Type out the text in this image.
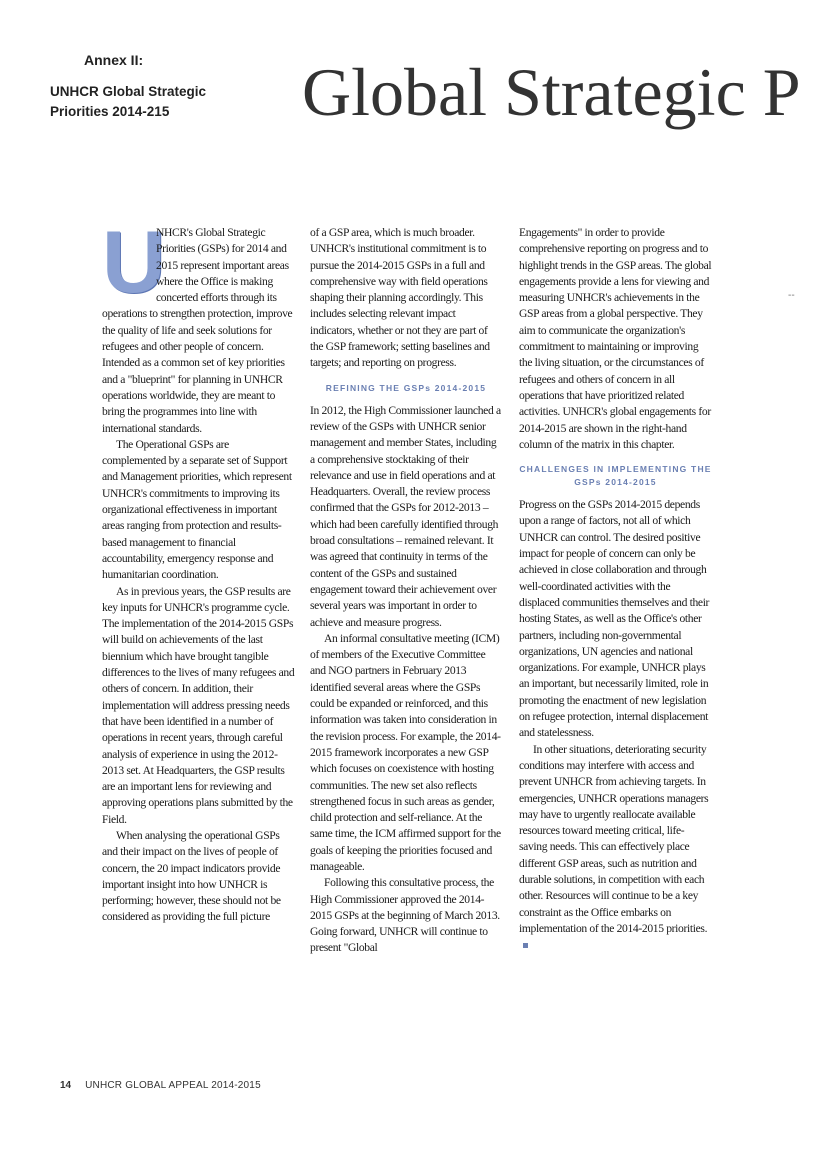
Annex II:
UNHCR Global Strategic Priorities 2014-215	Global Strategic P
--

U
NHCR's Global Strategic Priorities (GSPs) for 2014 and 2015 represent important areas where the Office is making concerted efforts through its operations to strengthen protection, improve the quality of life and seek solutions for refugees and other people of concern. Intended as a common set of key priorities and a "blueprint" for planning in UNHCR operations worldwide, they are meant to bring the programmes into line with international standards.

The Operational GSPs are complemented by a separate set of Support and Management priorities, which represent UNHCR's commitments to improving its organizational effectiveness in important areas ranging from protection and results-based management to financial accountability, emergency response and humanitarian coordination.

As in previous years, the GSP results are key inputs for UNHCR's programme cycle. The implementation of the 2014-2015 GSPs will build on achievements of the last biennium which have brought tangible differences to the lives of many refugees and others of concern. In addition, their implementation will address pressing needs that have been identified in a number of operations in recent years, through careful analysis of experience in using the 2012-2013 set. At Headquarters, the GSP results are an important lens for reviewing and approving operations plans submitted by the Field.

When analysing the operational GSPs and their impact on the lives of people of concern, the 20 impact indicators provide important insight into how UNHCR is performing; however, these should not be considered as providing the full picture

of a GSP area, which is much broader. UNHCR's institutional commitment is to pursue the 2014-2015 GSPs in a full and comprehensive way with field operations shaping their planning accordingly. This includes selecting relevant impact indicators, whether or not they are part of the GSP framework; setting baselines and targets; and reporting on progress.

REFINING THE GSPs 2014-2015

In 2012, the High Commissioner launched a review of the GSPs with UNHCR senior management and member States, including a comprehensive stocktaking of their relevance and use in field operations and at Headquarters. Overall, the review process confirmed that the GSPs for 2012-2013 – which had been carefully identified through broad consultations – remained relevant. It was agreed that continuity in terms of the content of the GSPs and sustained engagement toward their achievement over several years was important in order to achieve and measure progress.

An informal consultative meeting (ICM) of members of the Executive Committee and NGO partners in February 2013 identified several areas where the GSPs could be expanded or reinforced, and this information was taken into consideration in the revision process. For example, the 2014-2015 framework incorporates a new GSP which focuses on coexistence with hosting communities. The new set also reflects strengthened focus in such areas as gender, child protection and self-reliance. At the same time, the ICM affirmed support for the goals of keeping the priorities focused and manageable.

Following this consultative process, the High Commissioner approved the 2014-2015 GSPs at the beginning of March 2013. Going forward, UNHCR will continue to present "Global

Engagements" in order to provide comprehensive reporting on progress and to highlight trends in the GSP areas. The global engagements provide a lens for viewing and measuring UNHCR's achievements in the GSP areas from a global perspective. They aim to communicate the organization's commitment to maintaining or improving the living situation, or the circumstances of refugees and others of concern in all operations that have prioritized related activities. UNHCR's global engagements for 2014-2015 are shown in the right-hand column of the matrix in this chapter.

CHALLENGES IN IMPLEMENTING THE GSPs 2014-2015

Progress on the GSPs 2014-2015 depends upon a range of factors, not all of which UNHCR can control. The desired positive impact for people of concern can only be achieved in close collaboration and through well-coordinated activities with the displaced communities themselves and their hosting States, as well as the Office's other partners, including non-governmental organizations, UN agencies and national organizations. For example, UNHCR plays an important, but necessarily limited, role in promoting the enactment of new legislation on refugee protection, internal displacement and statelessness.

In other situations, deteriorating security conditions may interfere with access and prevent UNHCR from achieving targets. In emergencies, UNHCR operations managers may have to urgently reallocate available resources toward meeting critical, life-saving needs. This can effectively place different GSP areas, such as nutrition and durable solutions, in competition with each other. Resources will continue to be a key constraint as the Office embarks on implementation of the 2014-2015 priorities.

14 UNHCR GLOBAL APPEAL 2014-2015
